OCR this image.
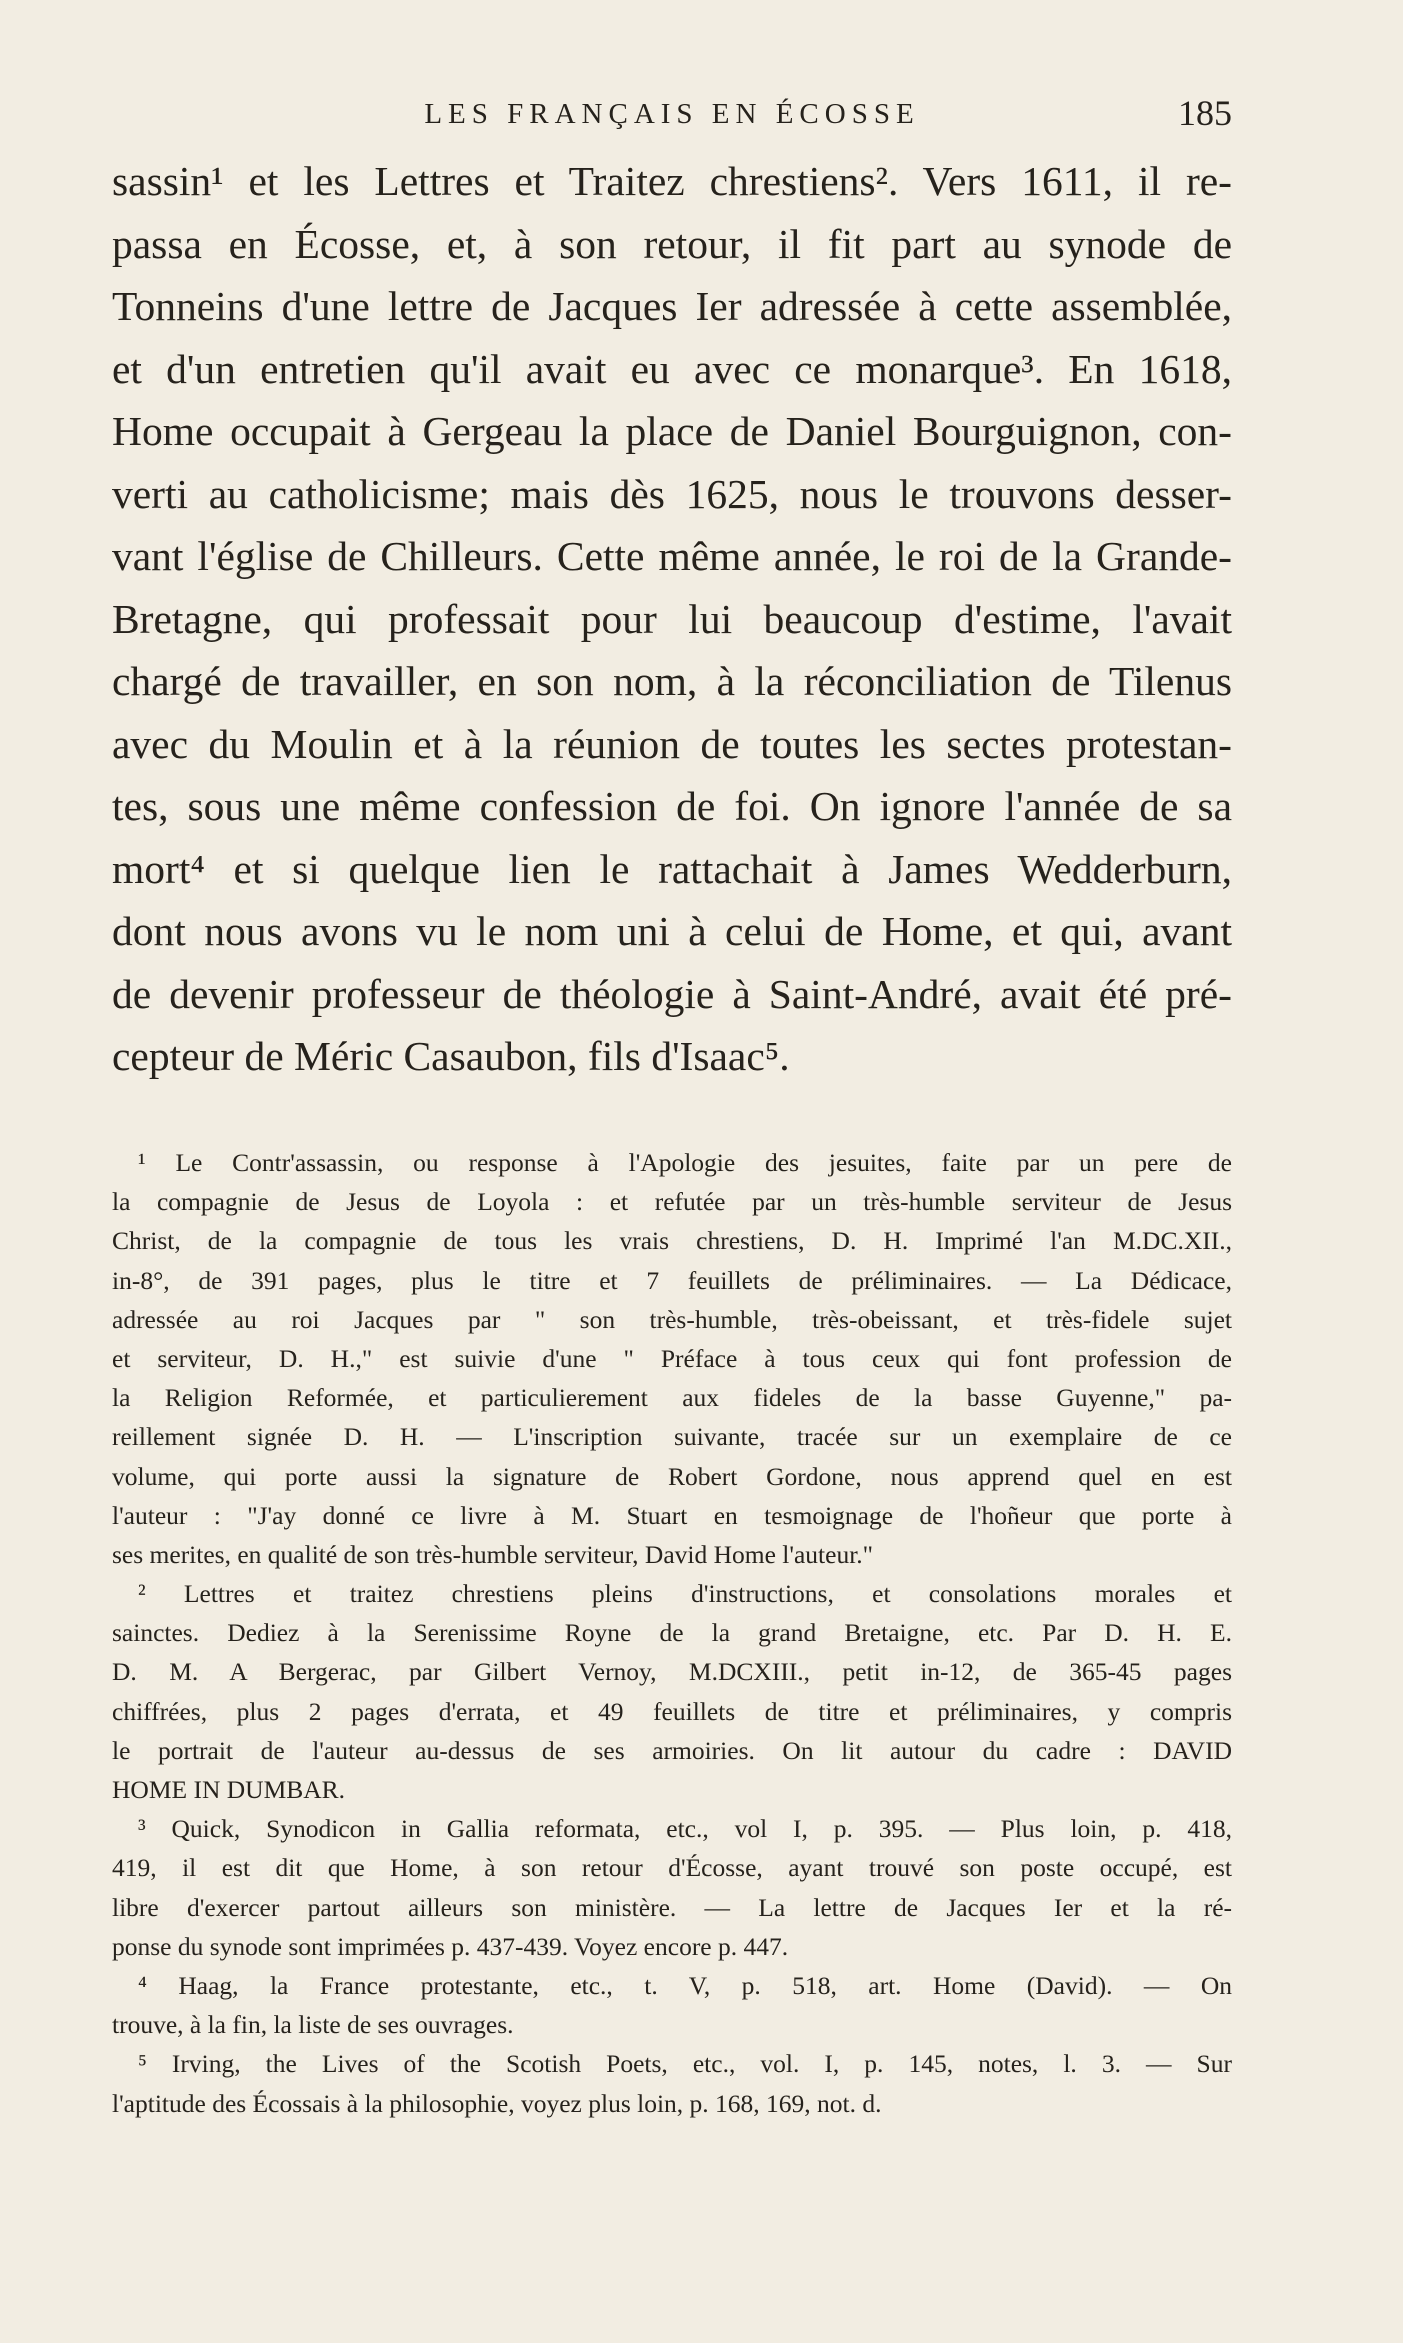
LES FRANÇAIS EN ÉCOSSE	185
sassin¹ et les Lettres et Traitez chrestiens². Vers 1611, il re-
passa en Écosse, et, à son retour, il fit part au synode de
Tonneins d'une lettre de Jacques Ier adressée à cette assemblée,
et d'un entretien qu'il avait eu avec ce monarque³. En 1618,
Home occupait à Gergeau la place de Daniel Bourguignon, con-
verti au catholicisme; mais dès 1625, nous le trouvons desser-
vant l'église de Chilleurs. Cette même année, le roi de la Grande-
Bretagne, qui professait pour lui beaucoup d'estime, l'avait
chargé de travailler, en son nom, à la réconciliation de Tilenus
avec du Moulin et à la réunion de toutes les sectes protestan-
tes, sous une même confession de foi. On ignore l'année de sa
mort⁴ et si quelque lien le rattachait à James Wedderburn,
dont nous avons vu le nom uni à celui de Home, et qui, avant
de devenir professeur de théologie à Saint-André, avait été pré-
cepteur de Méric Casaubon, fils d'Isaac⁵.
¹ Le Contr'assassin, ou response à l'Apologie des jesuites, faite par un pere de
la compagnie de Jesus de Loyola : et refutée par un très-humble serviteur de Jesus
Christ, de la compagnie de tous les vrais chrestiens, D. H. Imprimé l'an M.DC.XII.,
in-8°, de 391 pages, plus le titre et 7 feuillets de préliminaires. — La Dédicace,
adressée au roi Jacques par " son très-humble, très-obeissant, et très-fidele sujet
et serviteur, D. H.," est suivie d'une " Préface à tous ceux qui font profession de
la Religion Reformée, et particulierement aux fideles de la basse Guyenne," pa-
reillement signée D. H. — L'inscription suivante, tracée sur un exemplaire de ce
volume, qui porte aussi la signature de Robert Gordone, nous apprend quel en est
l'auteur : "J'ay donné ce livre à M. Stuart en tesmoignage de l'hoñeur que porte à
ses merites, en qualité de son très-humble serviteur, David Home l'auteur."
² Lettres et traitez chrestiens pleins d'instructions, et consolations morales et
sainctes. Dediez à la Serenissime Royne de la grand Bretaigne, etc. Par D. H. E.
D. M. A Bergerac, par Gilbert Vernoy, M.DCXIII., petit in-12, de 365-45 pages
chiffrées, plus 2 pages d'errata, et 49 feuillets de titre et préliminaires, y compris
le portrait de l'auteur au-dessus de ses armoiries. On lit autour du cadre : DAVID
HOME IN DUMBAR.
³ Quick, Synodicon in Gallia reformata, etc., vol I, p. 395. — Plus loin, p. 418,
419, il est dit que Home, à son retour d'Écosse, ayant trouvé son poste occupé, est
libre d'exercer partout ailleurs son ministère. — La lettre de Jacques Ier et la ré-
ponse du synode sont imprimées p. 437-439. Voyez encore p. 447.
⁴ Haag, la France protestante, etc., t. V, p. 518, art. Home (David). — On
trouve, à la fin, la liste de ses ouvrages.
⁵ Irving, the Lives of the Scotish Poets, etc., vol. I, p. 145, notes, l. 3. — Sur
l'aptitude des Écossais à la philosophie, voyez plus loin, p. 168, 169, not. d.
